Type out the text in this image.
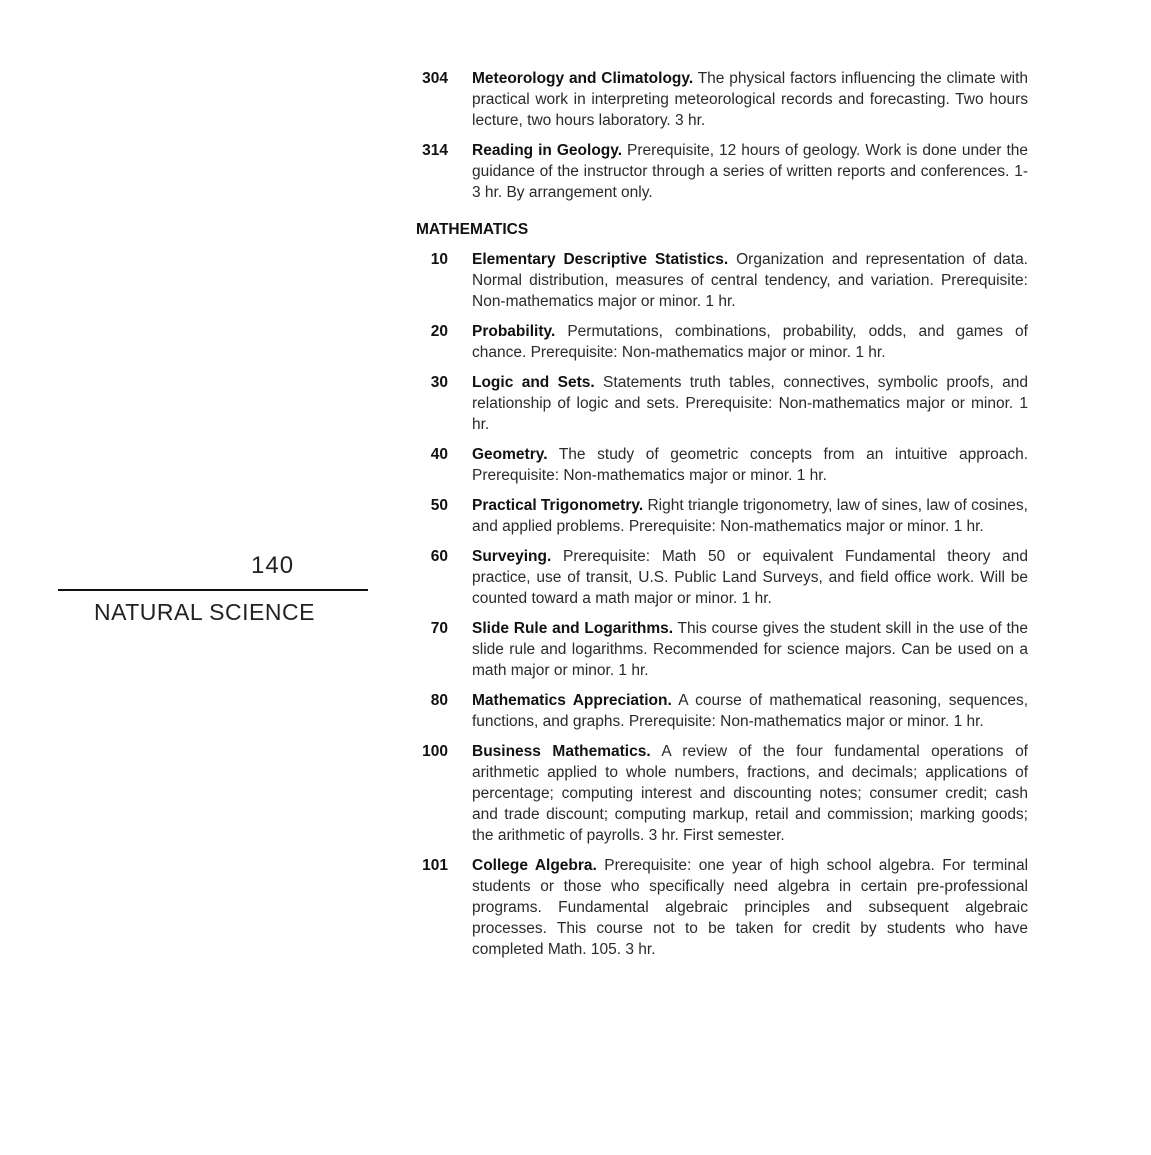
140
NATURAL SCIENCE
304 Meteorology and Climatology. The physical factors influencing the climate with practical work in interpreting meteorological records and forecasting. Two hours lecture, two hours laboratory. 3 hr.
314 Reading in Geology. Prerequisite, 12 hours of geology. Work is done under the guidance of the instructor through a series of written reports and conferences. 1-3 hr. By arrangement only.
MATHEMATICS
10 Elementary Descriptive Statistics. Organization and representation of data. Normal distribution, measures of central tendency, and variation. Prerequisite: Non-mathematics major or minor. 1 hr.
20 Probability. Permutations, combinations, probability, odds, and games of chance. Prerequisite: Non-mathematics major or minor. 1 hr.
30 Logic and Sets. Statements truth tables, connectives, symbolic proofs, and relationship of logic and sets. Prerequisite: Non-mathematics major or minor. 1 hr.
40 Geometry. The study of geometric concepts from an intuitive approach. Prerequisite: Non-mathematics major or minor. 1 hr.
50 Practical Trigonometry. Right triangle trigonometry, law of sines, law of cosines, and applied problems. Prerequisite: Non-mathematics major or minor. 1 hr.
60 Surveying. Prerequisite: Math 50 or equivalent Fundamental theory and practice, use of transit, U.S. Public Land Surveys, and field office work. Will be counted toward a math major or minor. 1 hr.
70 Slide Rule and Logarithms. This course gives the student skill in the use of the slide rule and logarithms. Recommended for science majors. Can be used on a math major or minor. 1 hr.
80 Mathematics Appreciation. A course of mathematical reasoning, sequences, functions, and graphs. Prerequisite: Non-mathematics major or minor. 1 hr.
100 Business Mathematics. A review of the four fundamental operations of arithmetic applied to whole numbers, fractions, and decimals; applications of percentage; computing interest and discounting notes; consumer credit; cash and trade discount; computing markup, retail and commission; marking goods; the arithmetic of payrolls. 3 hr. First semester.
101 College Algebra. Prerequisite: one year of high school algebra. For terminal students or those who specifically need algebra in certain pre-professional programs. Fundamental algebraic principles and subsequent algebraic processes. This course not to be taken for credit by students who have completed Math. 105. 3 hr.
